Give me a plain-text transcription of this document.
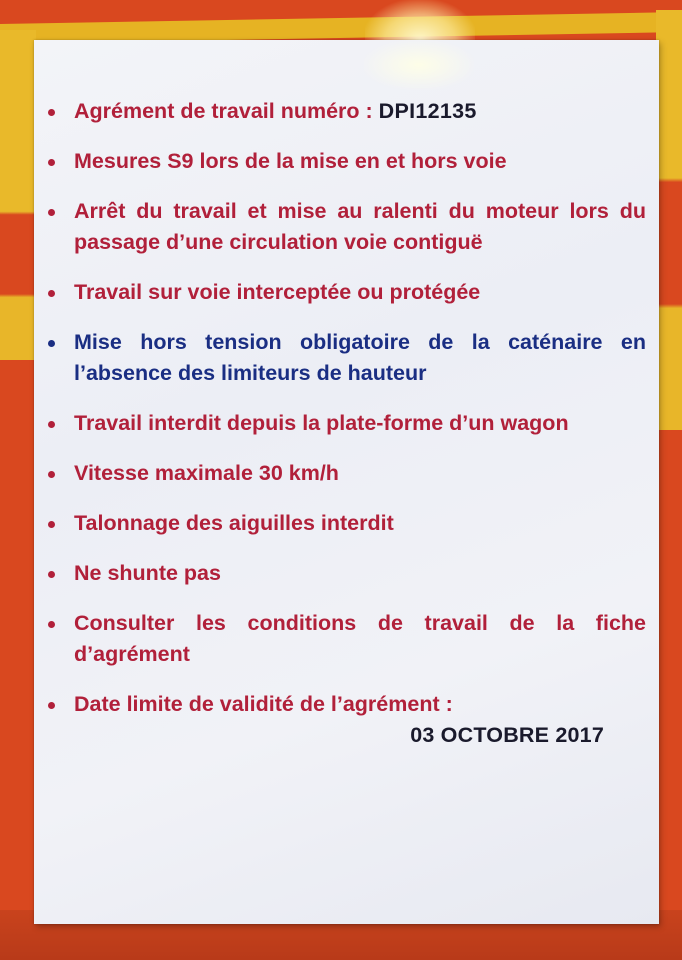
Agrément de travail numéro : DPI12135
Mesures S9 lors de la mise en et hors voie
Arrêt du travail et mise au ralenti du moteur lors du passage d’une circulation voie contiguë
Travail sur voie interceptée ou protégée
Mise hors tension obligatoire de la caténaire en l’absence des limiteurs de hauteur
Travail interdit depuis la plate-forme d’un wagon
Vitesse maximale 30 km/h
Talonnage des aiguilles interdit
Ne shunte pas
Consulter les conditions de travail de la fiche d’agrément
Date limite de validité de l’agrément :
03 OCTOBRE 2017
